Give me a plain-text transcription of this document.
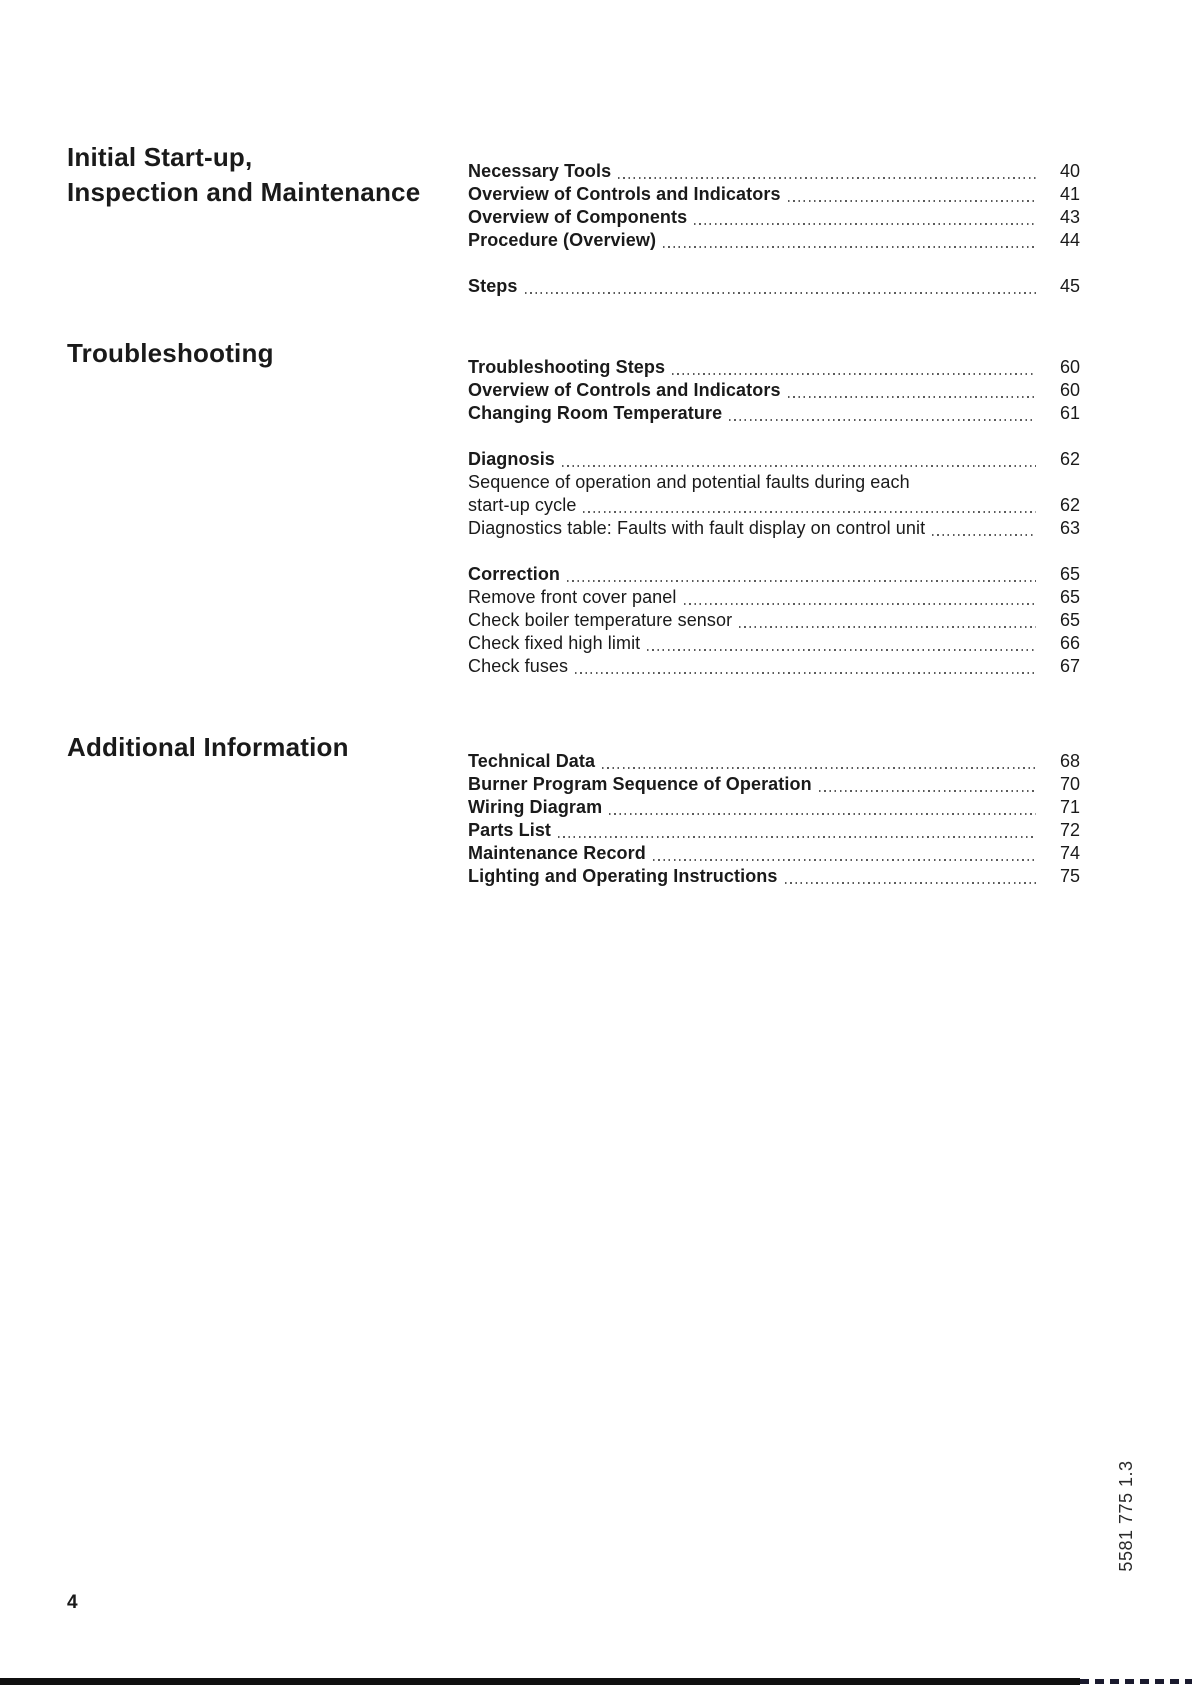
Initial Start-up,
Inspection and Maintenance
Necessary Tools	40
Overview of Controls and Indicators	41
Overview of Components	43
Procedure (Overview)	44
Steps	45
Troubleshooting	Troubleshooting Steps	60
Overview of Controls and Indicators	60
Changing Room Temperature	61
Diagnosis	62
Sequence of operation and potential faults during each
start-up cycle	62
Diagnostics table: Faults with fault display on control unit	63
Correction	65
Remove front cover panel	65
Check boiler temperature sensor	65
Check fixed high limit	66
Check fuses	67
Additional Information	Technical Data	68
Burner Program Sequence of Operation	70
Wiring Diagram	71
Parts List	72
Maintenance Record	74
Lighting and Operating Instructions	75
5581 775 1.3
4
